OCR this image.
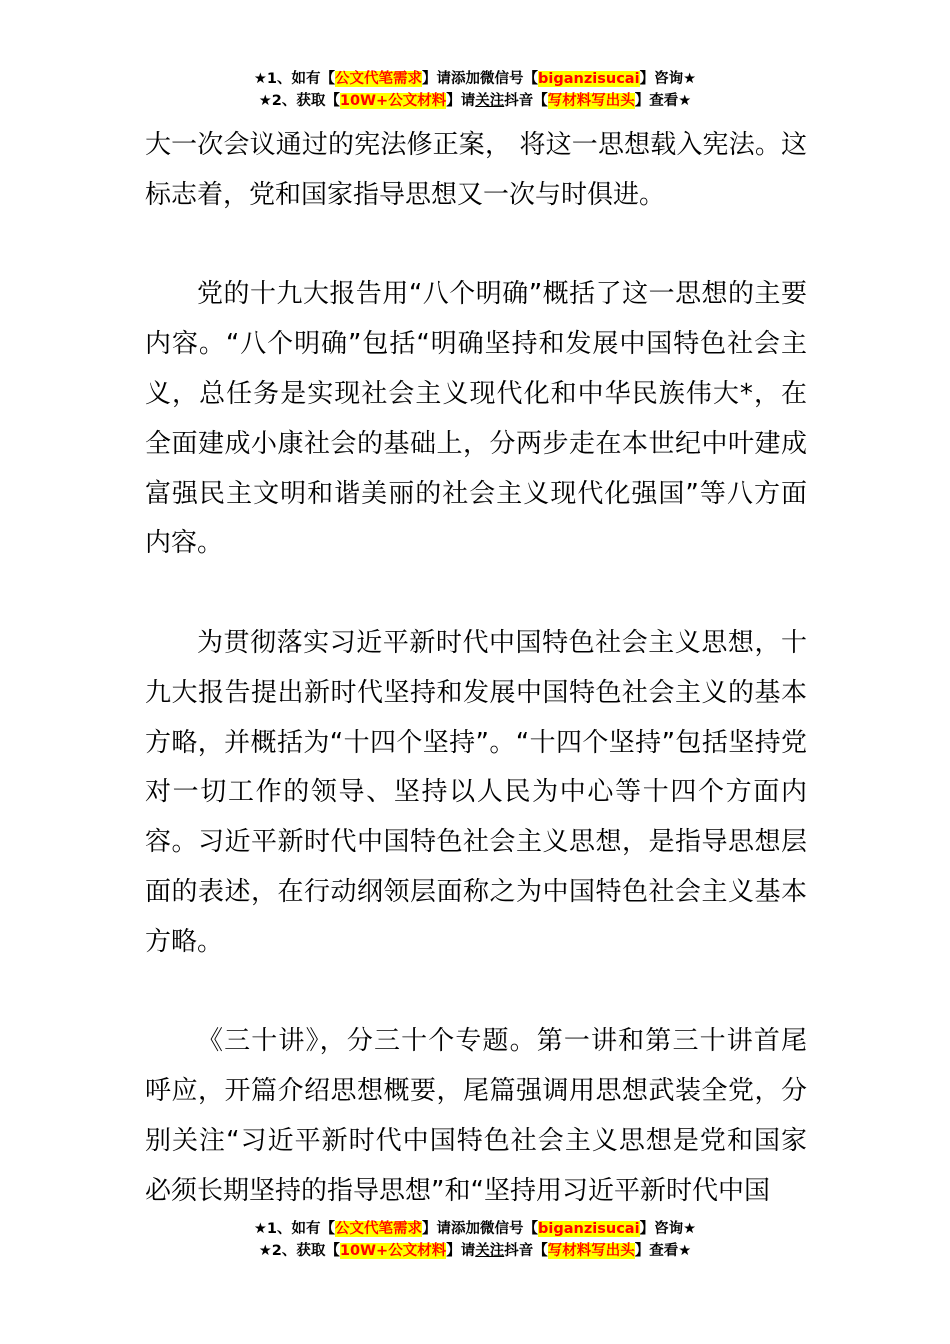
★1、如有【公文代笔需求】请添加微信号【biganzisucai】咨询★
★2、获取【10W+公文材料】请关注抖音【写材料写出头】查看★

大一次会议通过的宪法修正案， 将这一思想载入宪法。这标志着，党和国家指导思想又一次与时俱进。

党的十九大报告用“八个明确”概括了这一思想的主要内容。“八个明确”包括“明确坚持和发展中国特色社会主义，总任务是实现社会主义现代化和中华民族伟大*，在全面建成小康社会的基础上，分两步走在本世纪中叶建成富强民主文明和谐美丽的社会主义现代化强国”等八方面内容。

为贯彻落实习近平新时代中国特色社会主义思想，十九大报告提出新时代坚持和发展中国特色社会主义的基本方略，并概括为“十四个坚持”。“十四个坚持”包括坚持党对一切工作的领导、坚持以人民为中心等十四个方面内容。习近平新时代中国特色社会主义思想，是指导思想层面的表述，在行动纲领层面称之为中国特色社会主义基本方略。

《三十讲》，分三十个专题。第一讲和第三十讲首尾呼应，开篇介绍思想概要，尾篇强调用思想武装全党，分别关注“习近平新时代中国特色社会主义思想是党和国家必须长期坚持的指导思想”和“坚持用习近平新时代中国

★1、如有【公文代笔需求】请添加微信号【biganzisucai】咨询★
★2、获取【10W+公文材料】请关注抖音【写材料写出头】查看★
